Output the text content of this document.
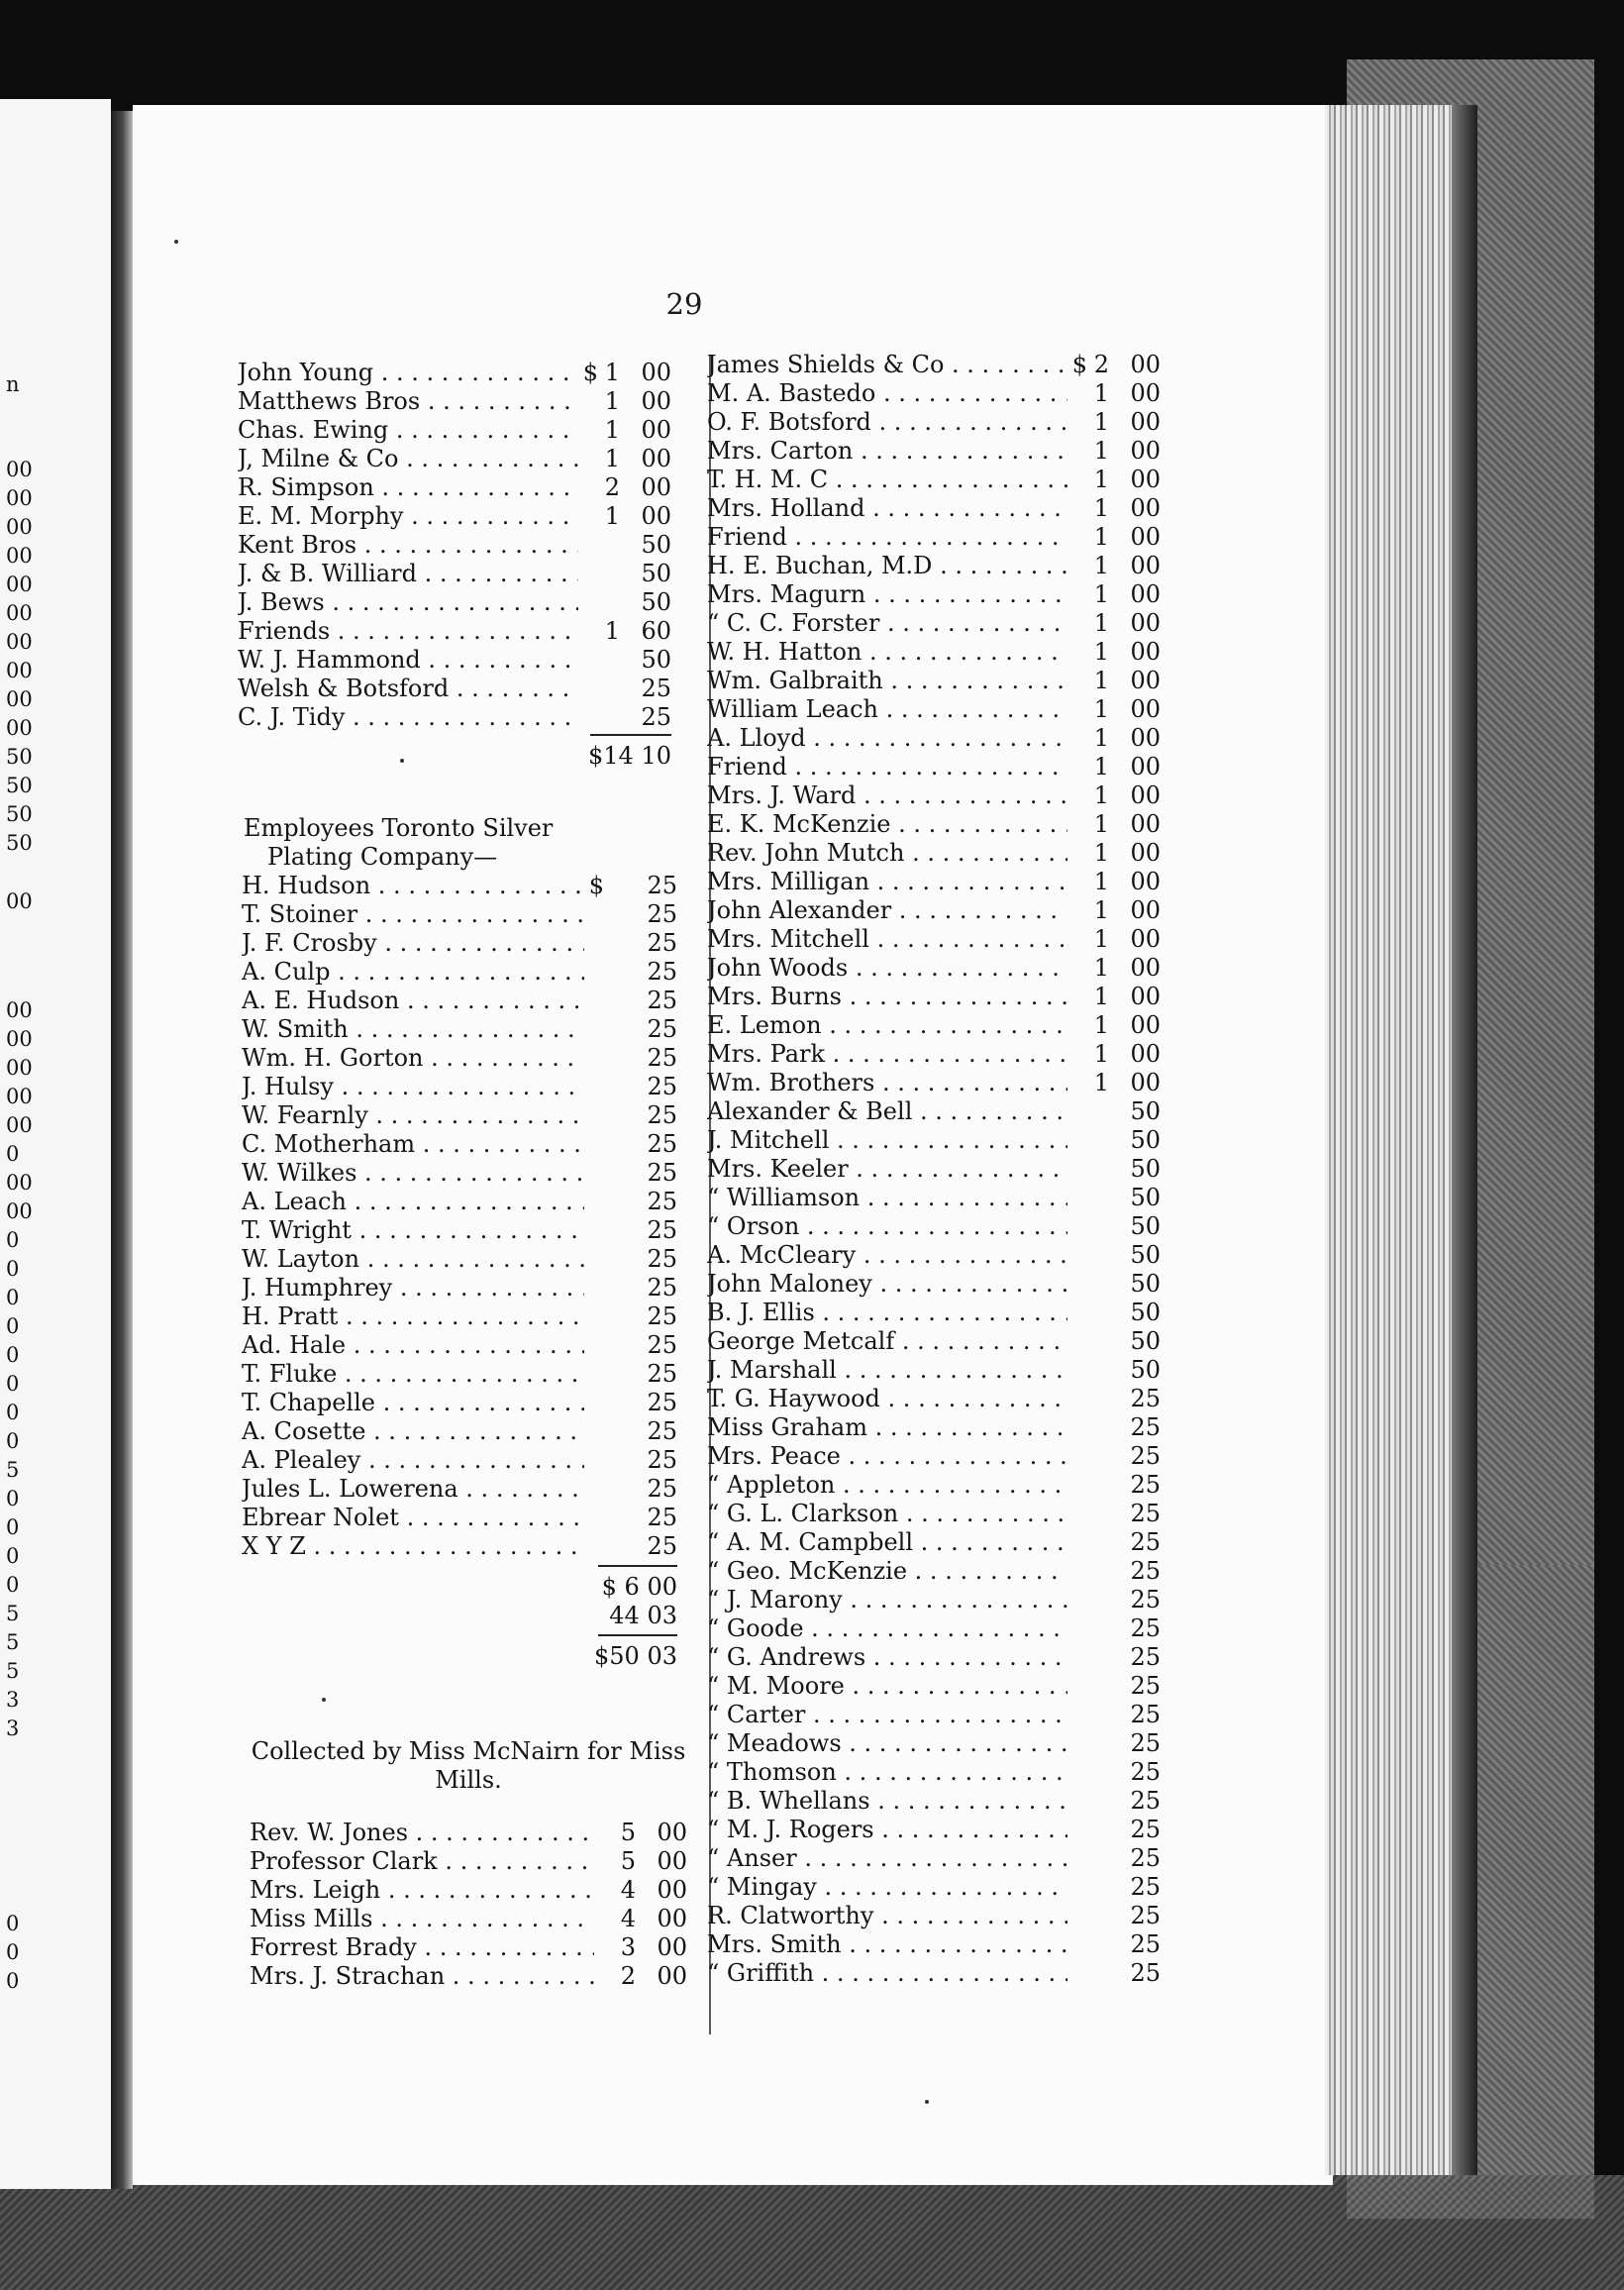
n
00
00
00
00
00
00
00
00
00
00
50
50
50
50
00
00
00
00
00
00
0
00
00
0
0
0
0
0
0
0
0
5
0
0
0
0
5
5
5
3
3
0
0
0
29
John Young . . .	$ 1 00
Matthews Bros . . .	1 00
Chas. Ewing . . .	1 00
J, Milne & Co . . .	1 00
R. Simpson . . .	2 00
E. M. Morphy . . .	1 00
Kent Bros . . .	50
J. & B. Williard . . .	50
J. Bews . . .	50
Friends . . .	1 60
W. J. Hammond . . .	50
Welsh & Botsford . . .	25
C. J. Tidy . . .	25
$14 10
Employees Toronto Silver
Plating Company—
H. Hudson . . .	$	25
T. Stoiner . . .	25
J. F. Crosby . . .	25
A. Culp . . .	25
A. E. Hudson . . .	25
W. Smith . . .	25
Wm. H. Gorton . . .	25
J. Hulsy . . .	25
W. Fearnly . . .	25
C. Motherham . . .	25
W. Wilkes . . .	25
A. Leach . . .	25
T. Wright . . .	25
W. Layton . . .	25
J. Humphrey . . .	25
H. Pratt . . .	25
Ad. Hale . . .	25
T. Fluke . . .	25
T. Chapelle . . .	25
A. Cosette . . .	25
A. Plealey . . .	25
Jules L. Lowerena . . .	25
Ebrear Nolet . . .	25
X Y Z . . .	25
$ 6 00
44 03
$50 03
Collected by Miss McNairn for Miss
Mills.
Rev. W. Jones . . .	5 00
Professor Clark . . .	5 00
Mrs. Leigh . . .	4 00
Miss Mills . . .	4 00
Forrest Brady . . .	3 00
Mrs. J. Strachan . . .	2 00
James Shields & Co . . .	$ 2 00
M. A. Bastedo . . .	1 00
O. F. Botsford . . .	1 00
Mrs. Carton . . .	1 00
T. H. M. C . . .	1 00
Mrs. Holland . . .	1 00
Friend . . .	1 00
H. E. Buchan, M.D . . .	1 00
Mrs. Magurn . . .	1 00
“ C. C. Forster . . .	1 00
W. H. Hatton . . .	1 00
Wm. Galbraith . . .	1 00
William Leach . . .	1 00
A. Lloyd . . .	1 00
Friend . . .	1 00
Mrs. J. Ward . . .	1 00
E. K. McKenzie . . .	1 00
Rev. John Mutch . . .	1 00
Mrs. Milligan . . .	1 00
John Alexander . . .	1 00
Mrs. Mitchell . . .	1 00
John Woods . . .	1 00
Mrs. Burns . . .	1 00
E. Lemon . . .	1 00
Mrs. Park . . .	1 00
Wm. Brothers . . .	1 00
Alexander & Bell . . .	50
J. Mitchell . . .	50
Mrs. Keeler . . .	50
“ Williamson . . .	50
“ Orson . . .	50
A. McCleary . . .	50
John Maloney . . .	50
B. J. Ellis . . .	50
George Metcalf . . .	50
J. Marshall . . .	50
T. G. Haywood . . .	25
Miss Graham . . .	25
Mrs. Peace . . .	25
“ Appleton . . .	25
“ G. L. Clarkson . . .	25
“ A. M. Campbell . . .	25
“ Geo. McKenzie . . .	25
“ J. Marony . . .	25
“ Goode . . .	25
“ G. Andrews . . .	25
“ M. Moore . . .	25
“ Carter . . .	25
“ Meadows . . .	25
“ Thomson . . .	25
“ B. Whellans . . .	25
“ M. J. Rogers . . .	25
“ Anser . . .	25
“ Mingay . . .	25
R. Clatworthy . . .	25
Mrs. Smith . . .	25
“ Griffith . . .	25
